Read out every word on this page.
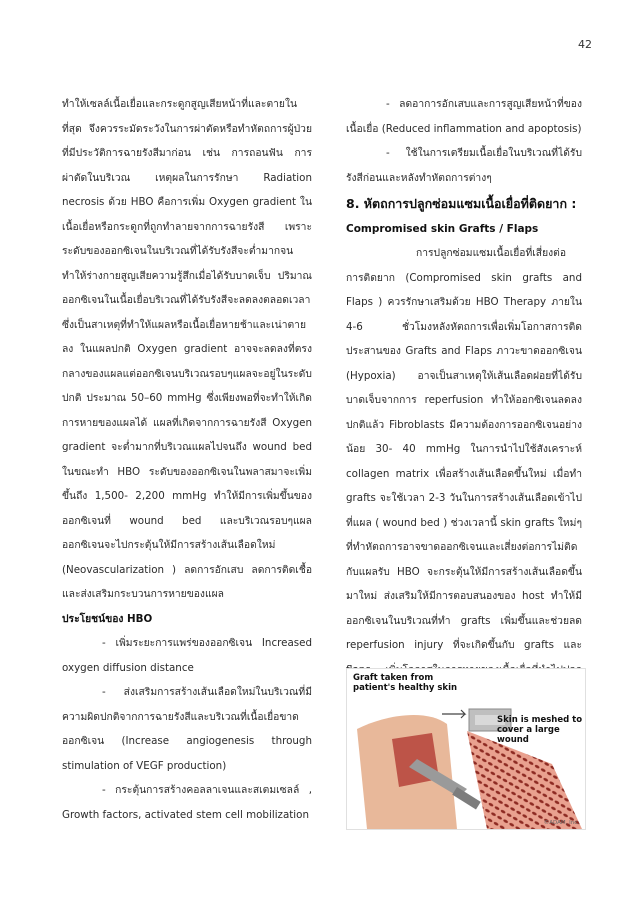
42

ทำให้เซลล์เนื้อเยื่อและกระดูกสูญเสียหน้าที่และตายในที่สุด จึงควรระมัดระวังในการผ่าตัดหรือทำหัตถการผู้ป่วยที่มีประวัติการฉายรังสีมาก่อน เช่น การถอนฟัน การผ่าตัดในบริเวณ เหตุผลในการรักษา Radiation necrosis ด้วย HBO คือการเพิ่ม Oxygen gradient ในเนื้อเยื่อหรือกระดูกที่ถูกทำลายจากการฉายรังสี เพราะระดับของออกซิเจนในบริเวณที่ได้รับรังสีจะต่ำมากจนทำให้ร่างกายสูญเสียความรู้สึกเมื่อได้รับบาดเจ็บ ปริมาณออกซิเจนในเนื้อเยื่อบริเวณที่ได้รับรังสีจะลดลงตลอดเวลาซึ่งเป็นสาเหตุที่ทำให้แผลหรือเนื้อเยื่อหายช้าและเน่าตายลง ในแผลปกติ Oxygen gradient อาจจะลดลงที่ตรงกลางของแผลแต่ออกซิเจนบริเวณรอบๆแผลจะอยู่ในระดับปกติ ประมาณ 50–60 mmHg ซึ่งเพียงพอที่จะทำให้เกิดการหายของแผลได้ แผลที่เกิดจากการฉายรังสี Oxygen gradient จะต่ำมากที่บริเวณแผลไปจนถึง wound bed ในขณะทำ HBO ระดับของออกซิเจนในพลาสมาจะเพิ่มขึ้นถึง 1,500- 2,200 mmHg ทำให้มีการเพิ่มขึ้นของออกซิเจนที่ wound bed และบริเวณรอบๆแผล ออกซิเจนจะไปกระตุ้นให้มีการสร้างเส้นเลือดใหม่ (Neovascularization ) ลดการอักเสบ ลดการติดเชื้อ และส่งเสริมกระบวนการหายของแผล

ประโยชน์ของ HBO

- เพิ่มระยะการแพร่ของออกซิเจน Increased oxygen diffusion distance

- ส่งเสริมการสร้างเส้นเลือดใหม่ในบริเวณที่มีความผิดปกติจากการฉายรังสีและบริเวณที่เนื้อเยื่อขาดออกซิเจน (Increase angiogenesis through stimulation of VEGF production)

- กระตุ้นการสร้างคอลลาเจนและสเตมเซลล์ , Growth factors, activated stem cell mobilization

- ลดอาการอักเสบและการสูญเสียหน้าที่ของเนื้อเยื่อ (Reduced inflammation and apoptosis)

- ใช้ในการเตรียมเนื้อเยื่อในบริเวณที่ได้รับรังสีก่อนและหลังทำหัตถการต่างๆ

8. หัตถการปลูกซ่อมแซมเนื้อเยื่อที่ติดยาก :

Compromised skin Grafts / Flaps

การปลูกซ่อมแซมเนื้อเยื่อที่เสี่ยงต่อการติดยาก (Compromised skin grafts and Flaps ) ควรรักษาเสริมด้วย HBO Therapy ภายใน 4-6 ชั่วโมงหลังหัตถการเพื่อเพิ่มโอกาสการติดประสานของ Grafts and Flaps ภาวะขาดออกซิเจน (Hypoxia) อาจเป็นสาเหตุให้เส้นเลือดฝอยที่ได้รับบาดเจ็บจากการ reperfusion ทำให้ออกซิเจนลดลง ปกติแล้ว Fibroblasts มีความต้องการออกซิเจนอย่างน้อย 30- 40 mmHg ในการนำไปใช้สังเคราะห์ collagen matrix เพื่อสร้างเส้นเลือดขึ้นใหม่ เมื่อทำ grafts จะใช้เวลา 2-3 วันในการสร้างเส้นเลือดเข้าไปที่แผล ( wound bed ) ช่วงเวลานี้ skin grafts ใหม่ๆที่ทำหัตถการอาจขาดออกซิเจนและเสี่ยงต่อการไม่ติดกับแผลรับ HBO จะกระตุ้นให้มีการสร้างเส้นเลือดขึ้นมาใหม่ ส่งเสริมให้มีการตอบสนองของ host ทำให้มีออกซิเจนในบริเวณที่ทำ grafts เพิ่มขึ้นและช่วยลด reperfusion injury ที่จะเกิดขึ้นกับ grafts และ

Graft taken from patient's healthy skin
Skin is meshed to cover a large wound
©ADAM, Inc.
